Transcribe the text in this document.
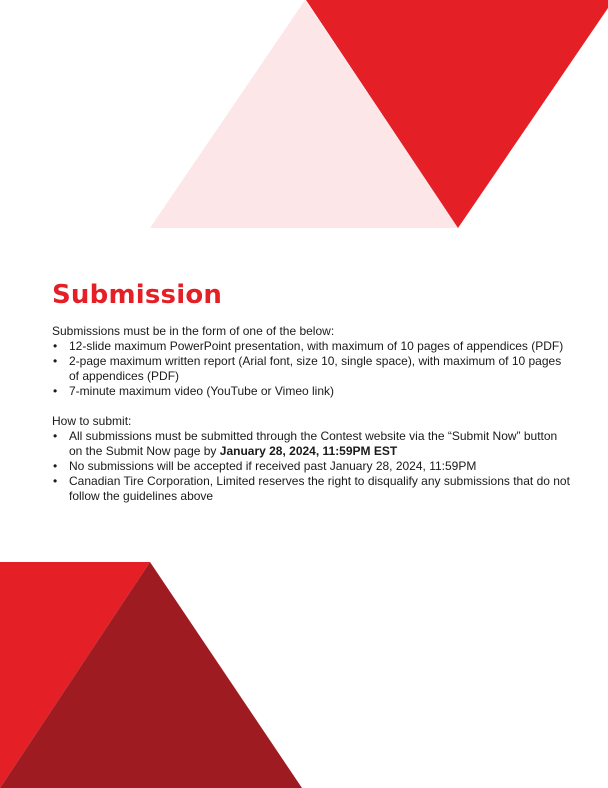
Submission

Submissions must be in the form of one of the below:

• 12-slide maximum PowerPoint presentation, with maximum of 10 pages of appendices (PDF)
• 2-page maximum written report (Arial font, size 10, single space), with maximum of 10 pages of appendices (PDF)
• 7-minute maximum video (YouTube or Vimeo link)

How to submit:

• All submissions must be submitted through the Contest website via the “Submit Now” button on the Submit Now page by January 28, 2024, 11:59PM EST
• No submissions will be accepted if received past January 28, 2024, 11:59PM
• Canadian Tire Corporation, Limited reserves the right to disqualify any submissions that do not follow the guidelines above
